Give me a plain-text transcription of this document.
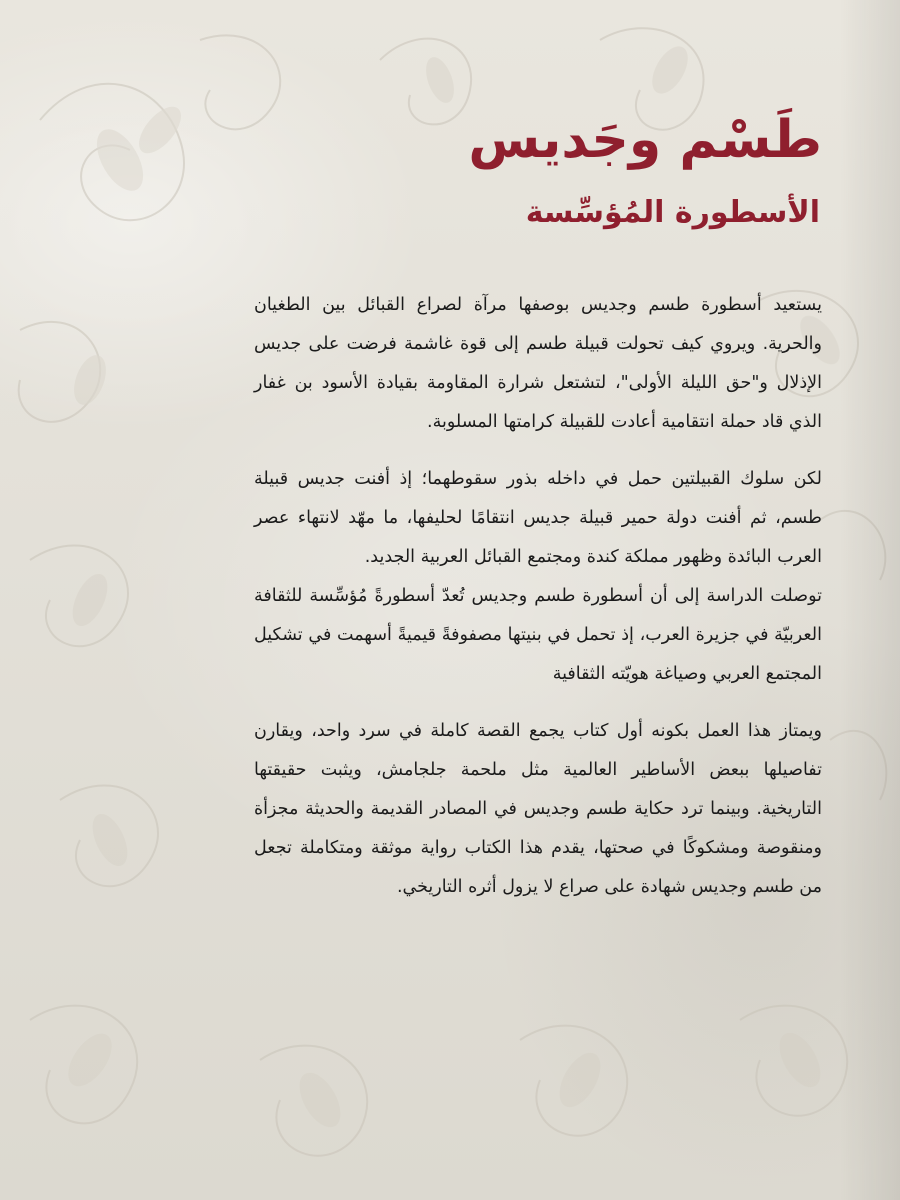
طَسْم وجَديس
الأسطورة المُؤسِّسة

يستعيد أسطورة طسم وجديس بوصفها مرآة لصراع القبائل بين الطغيان والحرية. ويروي كيف تحولت قبيلة طسم إلى قوة غاشمة فرضت على جديس الإذلال و"حق الليلة الأولى"، لتشتعل شرارة المقاومة بقيادة الأسود بن غفار الذي قاد حملة انتقامية أعادت للقبيلة كرامتها المسلوبة.

لكن سلوك القبيلتين حمل في داخله بذور سقوطهما؛ إذ أفنت جديس قبيلة طسم، ثم أفنت دولة حمير قبيلة جديس انتقامًا لحليفها، ما مهّد لانتهاء عصر العرب البائدة وظهور مملكة كندة ومجتمع القبائل العربية الجديد.

توصلت الدراسة إلى أن أسطورة طسم وجديس تُعدّ أسطورةً مُؤسِّسة للثقافة العربيّة في جزيرة العرب، إذ تحمل في بنيتها مصفوفةً قيميةً أسهمت في تشكيل المجتمع العربي وصياغة هويّته الثقافية

ويمتاز هذا العمل بكونه أول كتاب يجمع القصة كاملة في سرد واحد، ويقارن تفاصيلها ببعض الأساطير العالمية مثل ملحمة جلجامش، ويثبت حقيقتها التاريخية. وبينما ترد حكاية طسم وجديس في المصادر القديمة والحديثة مجزأة ومنقوصة ومشكوكًا في صحتها، يقدم هذا الكتاب رواية موثقة ومتكاملة تجعل من طسم وجديس شهادة على صراع لا يزول أثره التاريخي.
